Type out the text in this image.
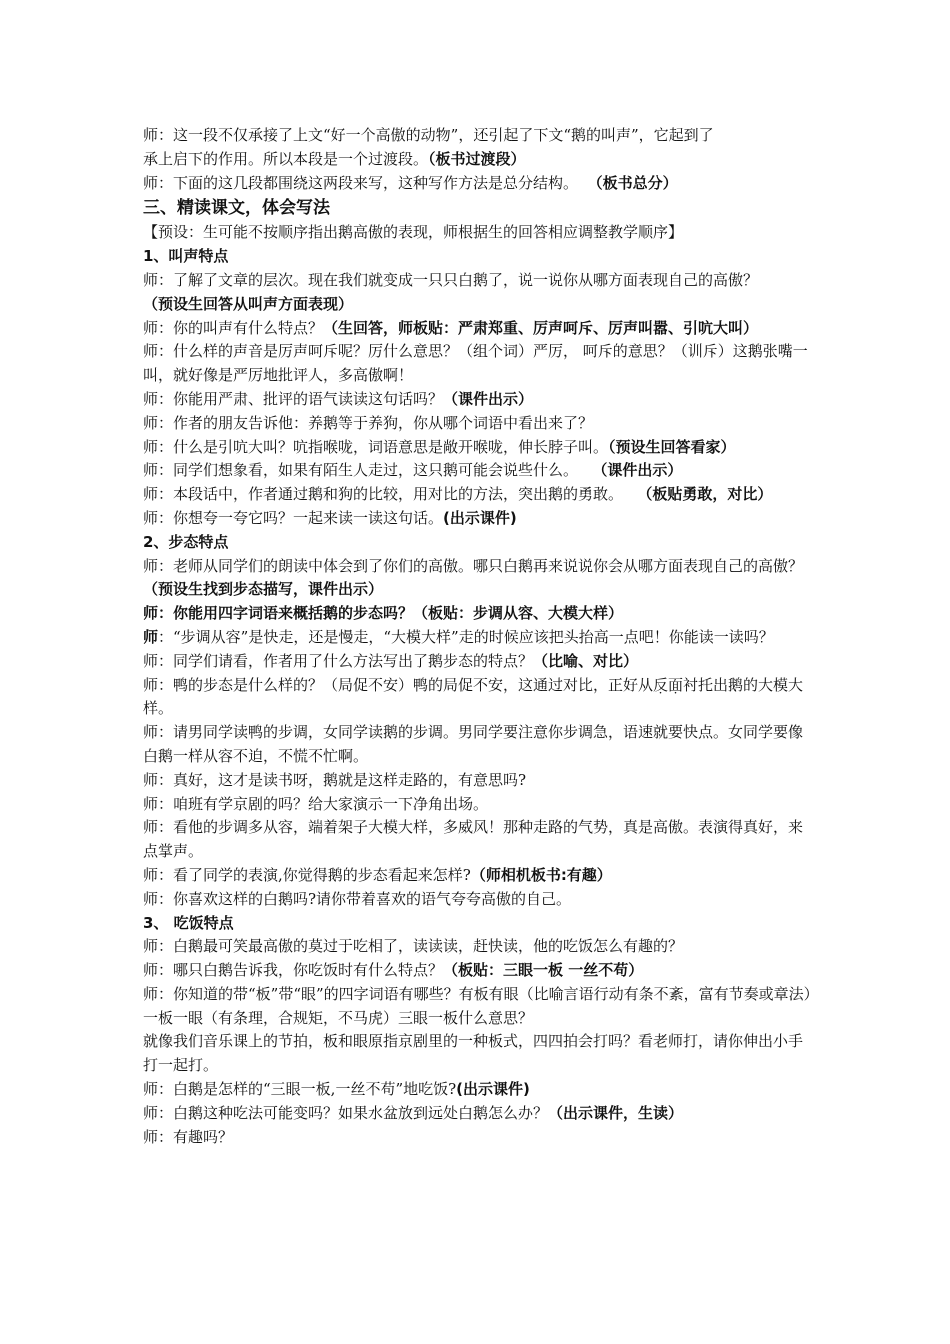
师：这一段不仅承接了上文“好一个高傲的动物”，还引起了下文“鹅的叫声”，它起到了
承上启下的作用。所以本段是一个过渡段。（板书过渡段）

师：下面的这几段都围绕这两段来写，这种写作方法是总分结构。 （板书总分）

三、精读课文，体会写法

【预设：生可能不按顺序指出鹅高傲的表现，师根据生的回答相应调整教学顺序】

1、叫声特点

师：了解了文章的层次。现在我们就变成一只只白鹅了，说一说你从哪方面表现自己的高傲？
（预设生回答从叫声方面表现）

师：你的叫声有什么特点？（生回答，师板贴：严肃郑重、厉声呵斥、厉声叫嚣、引吭大叫）

师：什么样的声音是厉声呵斥呢？厉什么意思？（组个词）严厉， 呵斥的意思？（训斥）这鹅张嘴一叫，就好像是严厉地批评人，多高傲啊！

师：你能用严肃、批评的语气读读这句话吗？（课件出示）

师：作者的朋友告诉他：养鹅等于养狗，你从哪个词语中看出来了？

师：什么是引吭大叫？吭指喉咙，词语意思是敞开喉咙，伸长脖子叫。（预设生回答看家）

师：同学们想象看，如果有陌生人走过，这只鹅可能会说些什么。 （课件出示）

师：本段话中，作者通过鹅和狗的比较，用对比的方法，突出鹅的勇敢。 （板贴勇敢，对比）

师：你想夸一夸它吗？一起来读一读这句话。(出示课件)

2、步态特点

师：老师从同学们的朗读中体会到了你们的高傲。哪只白鹅再来说说你会从哪方面表现自己的高傲？（预设生找到步态描写，课件出示）

师：你能用四字词语来概括鹅的步态吗？（板贴：步调从容、大模大样）

师：“步调从容”是快走，还是慢走，“大模大样”走的时候应该把头抬高一点吧！你能读一读吗？

师：同学们请看，作者用了什么方法写出了鹅步态的特点？（比喻、对比）

师：鸭的步态是什么样的？（局促不安）鸭的局促不安，这通过对比，正好从反面衬托出鹅的大模大样。

师：请男同学读鸭的步调，女同学读鹅的步调。男同学要注意你步调急，语速就要快点。女同学要像白鹅一样从容不迫，不慌不忙啊。

师：真好，这才是读书呀，鹅就是这样走路的，有意思吗?

师：咱班有学京剧的吗？给大家演示一下净角出场。

师：看他的步调多从容，端着架子大模大样，多威风！那种走路的气势，真是高傲。表演得真好，来点掌声。

师：看了同学的表演,你觉得鹅的步态看起来怎样?（师相机板书:有趣）

师：你喜欢这样的白鹅吗?请你带着喜欢的语气夸夸高傲的自己。

3、 吃饭特点

师：白鹅最可笑最高傲的莫过于吃相了，读读读，赶快读，他的吃饭怎么有趣的？

师：哪只白鹅告诉我，你吃饭时有什么特点？（板贴：三眼一板 一丝不苟）

师：你知道的带“板”带“眼”的四字词语有哪些？有板有眼（比喻言语行动有条不紊，富有节奏或章法）一板一眼（有条理，合规矩，不马虎）三眼一板什么意思？

就像我们音乐课上的节拍，板和眼原指京剧里的一种板式，四四拍会打吗？看老师打，请你伸出小手打一起打。

师：白鹅是怎样的“三眼一板,一丝不苟”地吃饭?(出示课件)

师：白鹅这种吃法可能变吗？如果水盆放到远处白鹅怎么办？（出示课件，生读）

师：有趣吗？
